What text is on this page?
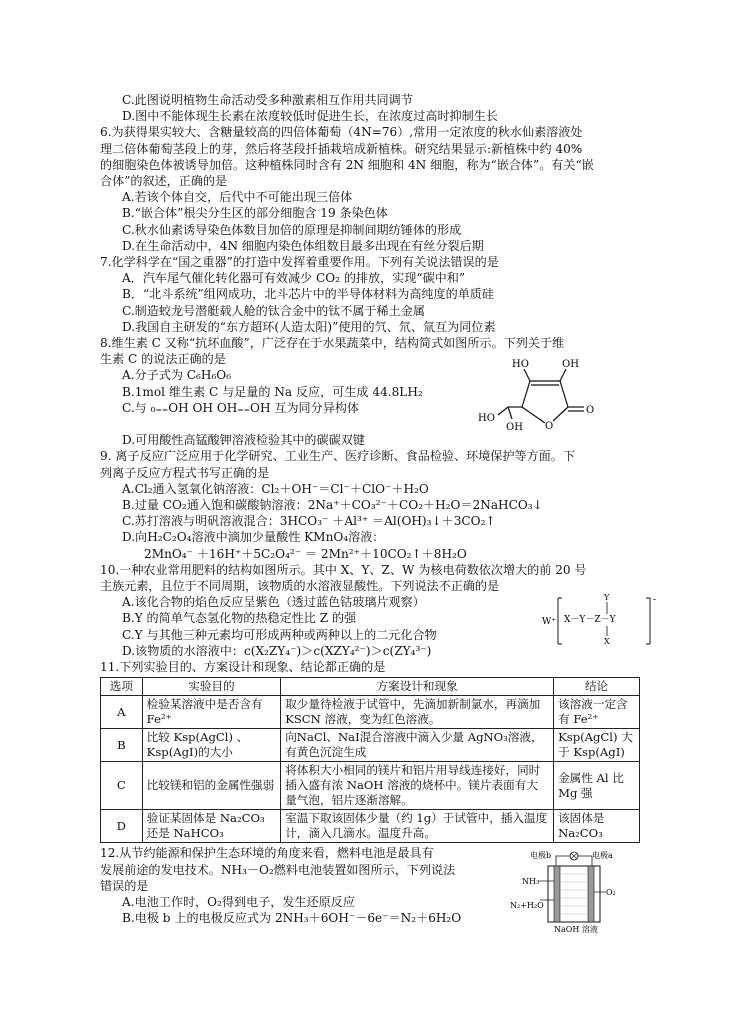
C.此图说明植物生命活动受多种激素相互作用共同调节
D.图中不能体现生长素在浓度较低时促进生长，在浓度过高时抑制生长
6.为获得果实较大、含糖量较高的四倍体葡萄（4N=76）,常用一定浓度的秋水仙素溶液处
理二倍体葡萄茎段上的芽，然后将茎段扦插栽培成新植株。研究结果显示:新植株中约 40%
的细胞染色体被诱导加倍。这种植株同时含有 2N 细胞和 4N 细胞，称为“嵌合体”。有关“嵌
合体”的叙述，正确的是
A.若该个体自交，后代中不可能出现三倍体
B.“嵌合体”根尖分生区的部分细胞含 19 条染色体
C.秋水仙素诱导染色体数目加倍的原理是抑制间期纺锤体的形成
D.在生命活动中，4N 细胞内染色体组数目最多出现在有丝分裂后期
7.化学科学在“国之重器”的打造中发挥着重要作用。下列有关说法错误的是
A．汽车尾气催化转化器可有效减少 CO₂ 的排放，实现“碳中和”
B．“北斗系统”组网成功，北斗芯片中的半导体材料为高纯度的单质硅
C.制造蛟龙号潜艇载人舱的钛合金中的钛不属于稀土金属
D.我国自主研发的“东方超环(人造太阳)”使用的氕、氘、氚互为同位素
8.维生素 C 又称“抗坏血酸”，广泛存在于水果蔬菜中，结构简式如图所示。下列关于维
生素 C 的说法正确的是
A.分子式为 C₆H₆O₆
B.1mol 维生素 C 与足量的 Na 反应，可生成 44.8LH₂
C.与 ₀₌₌OH OH OH₌₌OH 互为同分异构体
D.可用酸性高锰酸钾溶液检验其中的碳碳双键
9. 离子反应广泛应用于化学研究、工业生产、医疗诊断、食品检验、环境保护等方面。下
列离子反应方程式书写正确的是
A.Cl₂通入氢氧化钠溶液：Cl₂＋OH⁻＝Cl⁻＋ClO⁻＋H₂O
B.过量 CO₂通入饱和碳酸钠溶液：2Na⁺＋CO₃²⁻＋CO₂＋H₂O＝2NaHCO₃↓
C.苏打溶液与明矾溶液混合：3HCO₃⁻ ＋Al³⁺ ＝Al(OH)₃↓＋3CO₂↑
D.向H₂C₂O₄溶液中滴加少量酸性 KMnO₄溶液：
2MnO₄⁻ ＋16H⁺＋5C₂O₄²⁻ ＝ 2Mn²⁺＋10CO₂↑＋8H₂O
10.一种农业常用肥料的结构如图所示。其中 X、Y、Z、W 为核电荷数依次增大的前 20 号
主族元素，且位于不同周期，该物质的水溶液显酸性。下列说法不正确的是
A.该化合物的焰色反应呈紫色（透过蓝色钴玻璃片观察）
B.Y 的简单气态氢化物的热稳定性比 Z 的强
C.Y 与其他三种元素均可形成两种或两种以上的二元化合物
D.该物质的水溶液中：c(X₂ZY₄⁻)＞c(XZY₄²⁻)＞c(ZY₄³⁻)
11.下列实验目的、方案设计和现象、结论都正确的是
选项	实验目的	方案设计和现象	结论
A	检验某溶液中是否含有 Fe²⁺	取少量待检液于试管中，先滴加新制氯水，再滴加 KSCN 溶液，变为红色溶液。	该溶液一定含有 Fe²⁺
B	比较 Ksp(AgCl) 、Ksp(AgI)的大小	向NaCl、NaI混合溶液中滴入少量 AgNO₃溶液，有黄色沉淀生成	Ksp(AgCl) 大于 Ksp(AgI)
C	比较镁和铝的金属性强弱	将体积大小相同的镁片和铝片用导线连接好，同时插入盛有浓 NaOH 溶液的烧杯中。镁片表面有大量气泡，铝片逐渐溶解。	金属性 Al 比 Mg 强
D	验证某固体是 Na₂CO₃ 还是 NaHCO₃	室温下取该固体少量（约 1g）于试管中，插入温度计，滴入几滴水。温度升高。	该固体是 Na₂CO₃
12.从节约能源和保护生态环境的角度来看，燃料电池是最具有
发展前途的发电技术。NH₃－O₂燃料电池装置如图所示，下列说法
错误的是
A.电池工作时，O₂得到电子，发生还原反应
B.电极 b 上的电极反应式为 2NH₃＋6OH⁻－6e⁻＝N₂＋6H₂O
HO	OH
HO
OH O
O
W⁺
Y
X－Y－Z－Y
X
-
电极b	电极a
NH₃
N₂+H₂O
O₂
NaOH 溶液
